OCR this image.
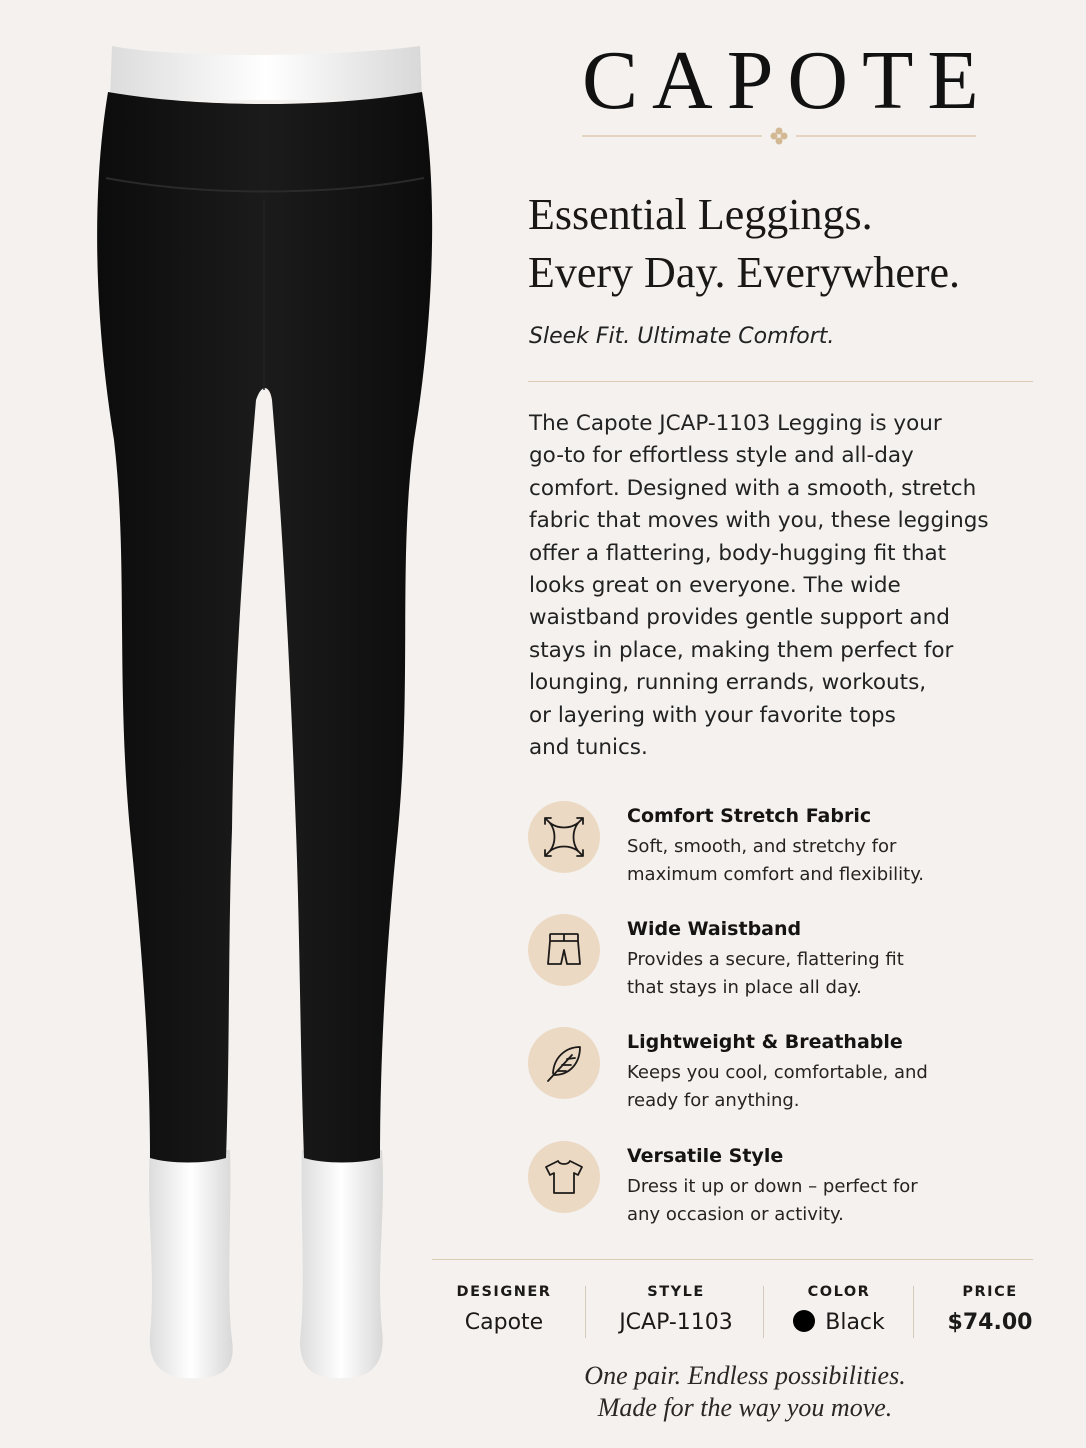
CAPOTE
Essential Leggings.
Every Day. Everywhere.
Sleek Fit. Ultimate Comfort.
The Capote JCAP-1103 Legging is your
go-to for effortless style and all-day
comfort. Designed with a smooth, stretch
fabric that moves with you, these leggings
offer a flattering, body-hugging fit that
looks great on everyone. The wide
waistband provides gentle support and
stays in place, making them perfect for
lounging, running errands, workouts,
or layering with your favorite tops
and tunics.
Comfort Stretch Fabric
Soft, smooth, and stretchy for
maximum comfort and flexibility.
Wide Waistband
Provides a secure, flattering fit
that stays in place all day.
Lightweight & Breathable
Keeps you cool, comfortable, and
ready for anything.
Versatile Style
Dress it up or down – perfect for
any occasion or activity.
DESIGNER
Capote
STYLE
JCAP-1103
COLOR
Black
PRICE
$74.00
One pair. Endless possibilities.
Made for the way you move.
